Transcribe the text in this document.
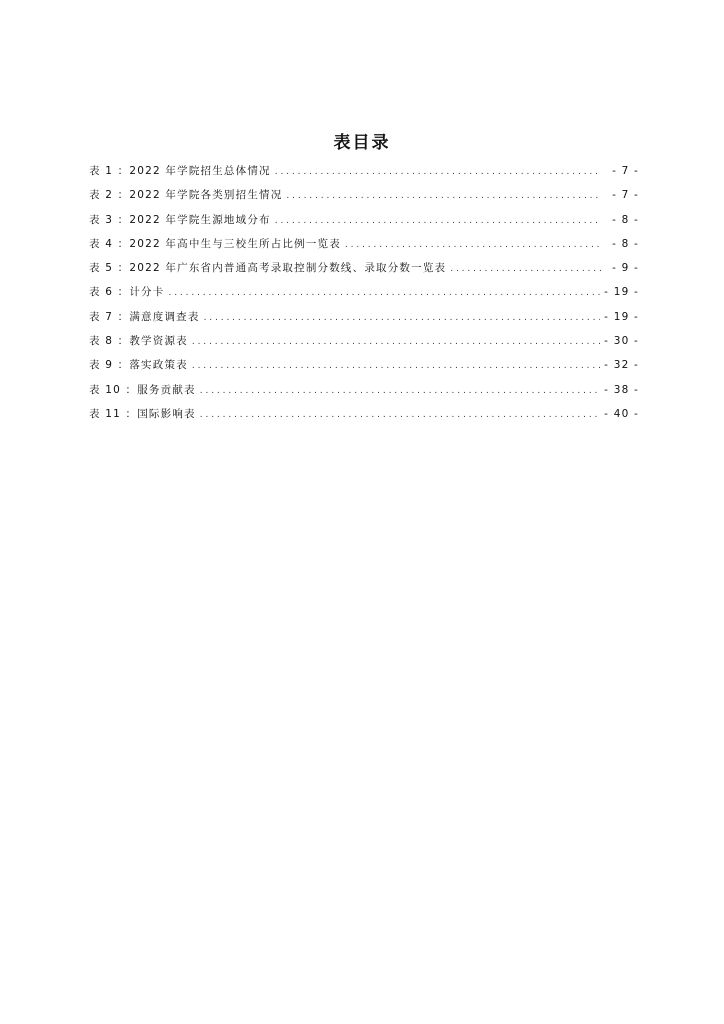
表目录
表 1 ：2022 年学院招生总体情况 . . .	- 7 -
表 2 ：2022 年学院各类别招生情况 . . .	- 7 -
表 3 ：2022 年学院生源地域分布 . . .	- 8 -
表 4 ：2022 年高中生与三校生所占比例一览表 . . .	- 8 -
表 5 ：2022 年广东省内普通高考录取控制分数线、录取分数一览表 . . .	- 9 -
表 6 ：计分卡 . . .	- 19 -
表 7 ：满意度调查表 . . .	- 19 -
表 8 ：教学资源表 . . .	- 30 -
表 9 ：落实政策表 . . .	- 32 -
表 10 ：服务贡献表 . . .	- 38 -
表 11 ：国际影响表 . . .	- 40 -
